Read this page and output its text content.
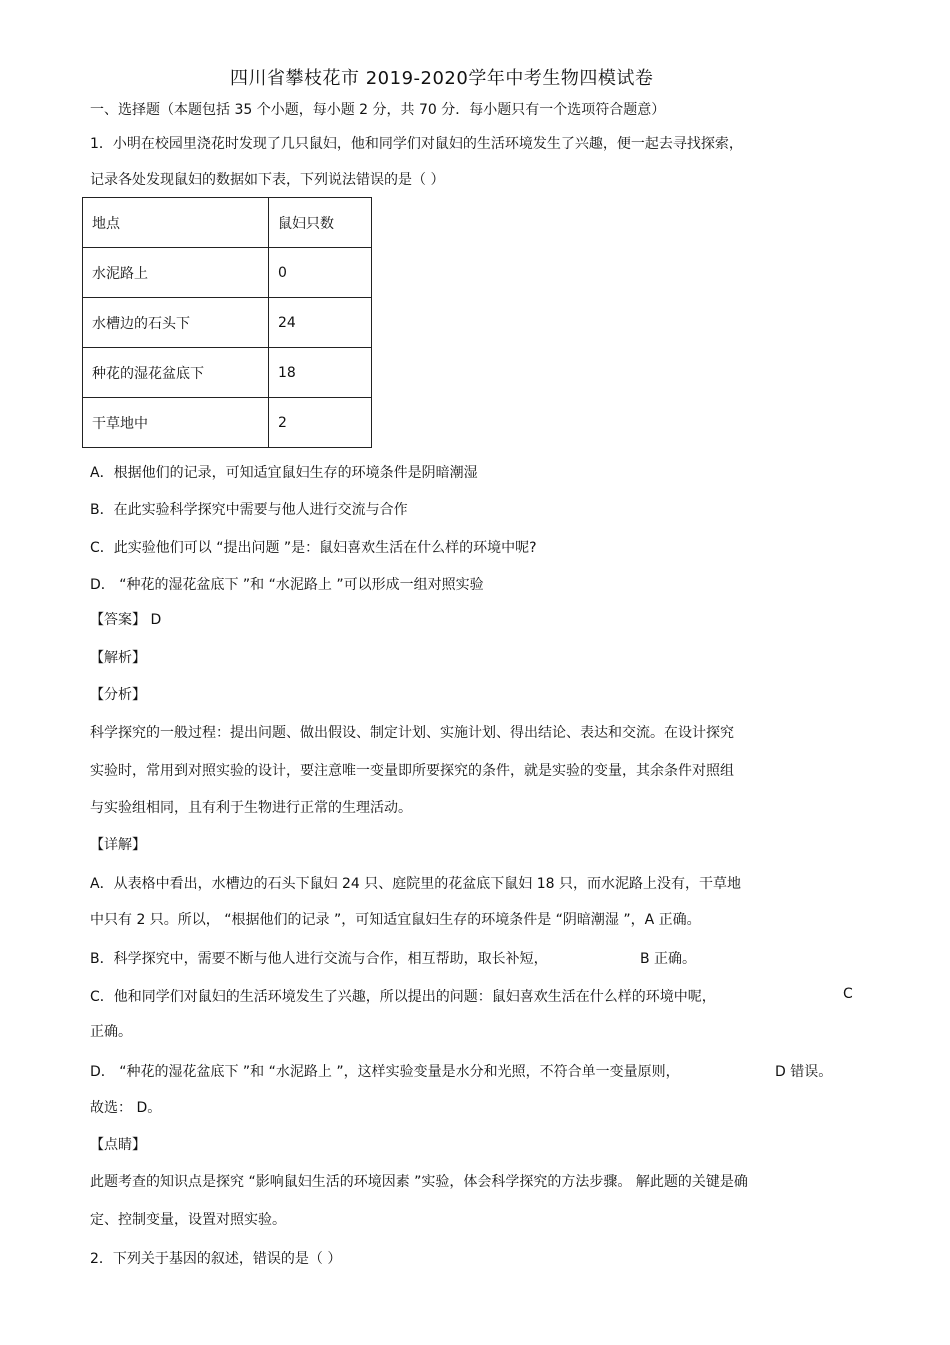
四川省攀枝花市 2019-2020学年中考生物四模试卷
一、选择题（本题包括 35 个小题，每小题 2 分，共 70 分．每小题只有一个选项符合题意）
1．小明在校园里浇花时发现了几只鼠妇，他和同学们对鼠妇的生活环境发生了兴趣，便一起去寻找探索，
记录各处发现鼠妇的数据如下表，下列说法错误的是（ ）
地点	鼠妇只数
水泥路上	0
水槽边的石头下	24
种花的湿花盆底下	18
干草地中	2
A．根据他们的记录，可知适宜鼠妇生存的环境条件是阴暗潮湿
B．在此实验科学探究中需要与他人进行交流与合作
C．此实验他们可以 “提出问题 ”是：鼠妇喜欢生活在什么样的环境中呢?
D． “种花的湿花盆底下 ”和 “水泥路上 ”可以形成一组对照实验
【答案】 D
【解析】
【分析】
科学探究的一般过程：提出问题、做出假设、制定计划、实施计划、得出结论、表达和交流。在设计探究
实验时，常用到对照实验的设计，要注意唯一变量即所要探究的条件，就是实验的变量，其余条件对照组
与实验组相同，且有利于生物进行正常的生理活动。
【详解】
A．从表格中看出，水槽边的石头下鼠妇 24 只、庭院里的花盆底下鼠妇 18 只，而水泥路上没有，干草地
中只有 2 只。所以， “根据他们的记录 ”，可知适宜鼠妇生存的环境条件是 “阴暗潮湿 ”，A 正确。
B．科学探究中，需要不断与他人进行交流与合作，相互帮助，取长补短，	B 正确。
C．他和同学们对鼠妇的生活环境发生了兴趣，所以提出的问题：鼠妇喜欢生活在什么样的环境中呢，	C
正确。
D． “种花的湿花盆底下 ”和 “水泥路上 ”，这样实验变量是水分和光照，不符合单一变量原则，	D 错误。
故选： D。
【点睛】
此题考查的知识点是探究 “影响鼠妇生活的环境因素 ”实验，体会科学探究的方法步骤。 解此题的关键是确
定、控制变量，设置对照实验。
2．下列关于基因的叙述，错误的是（ ）
